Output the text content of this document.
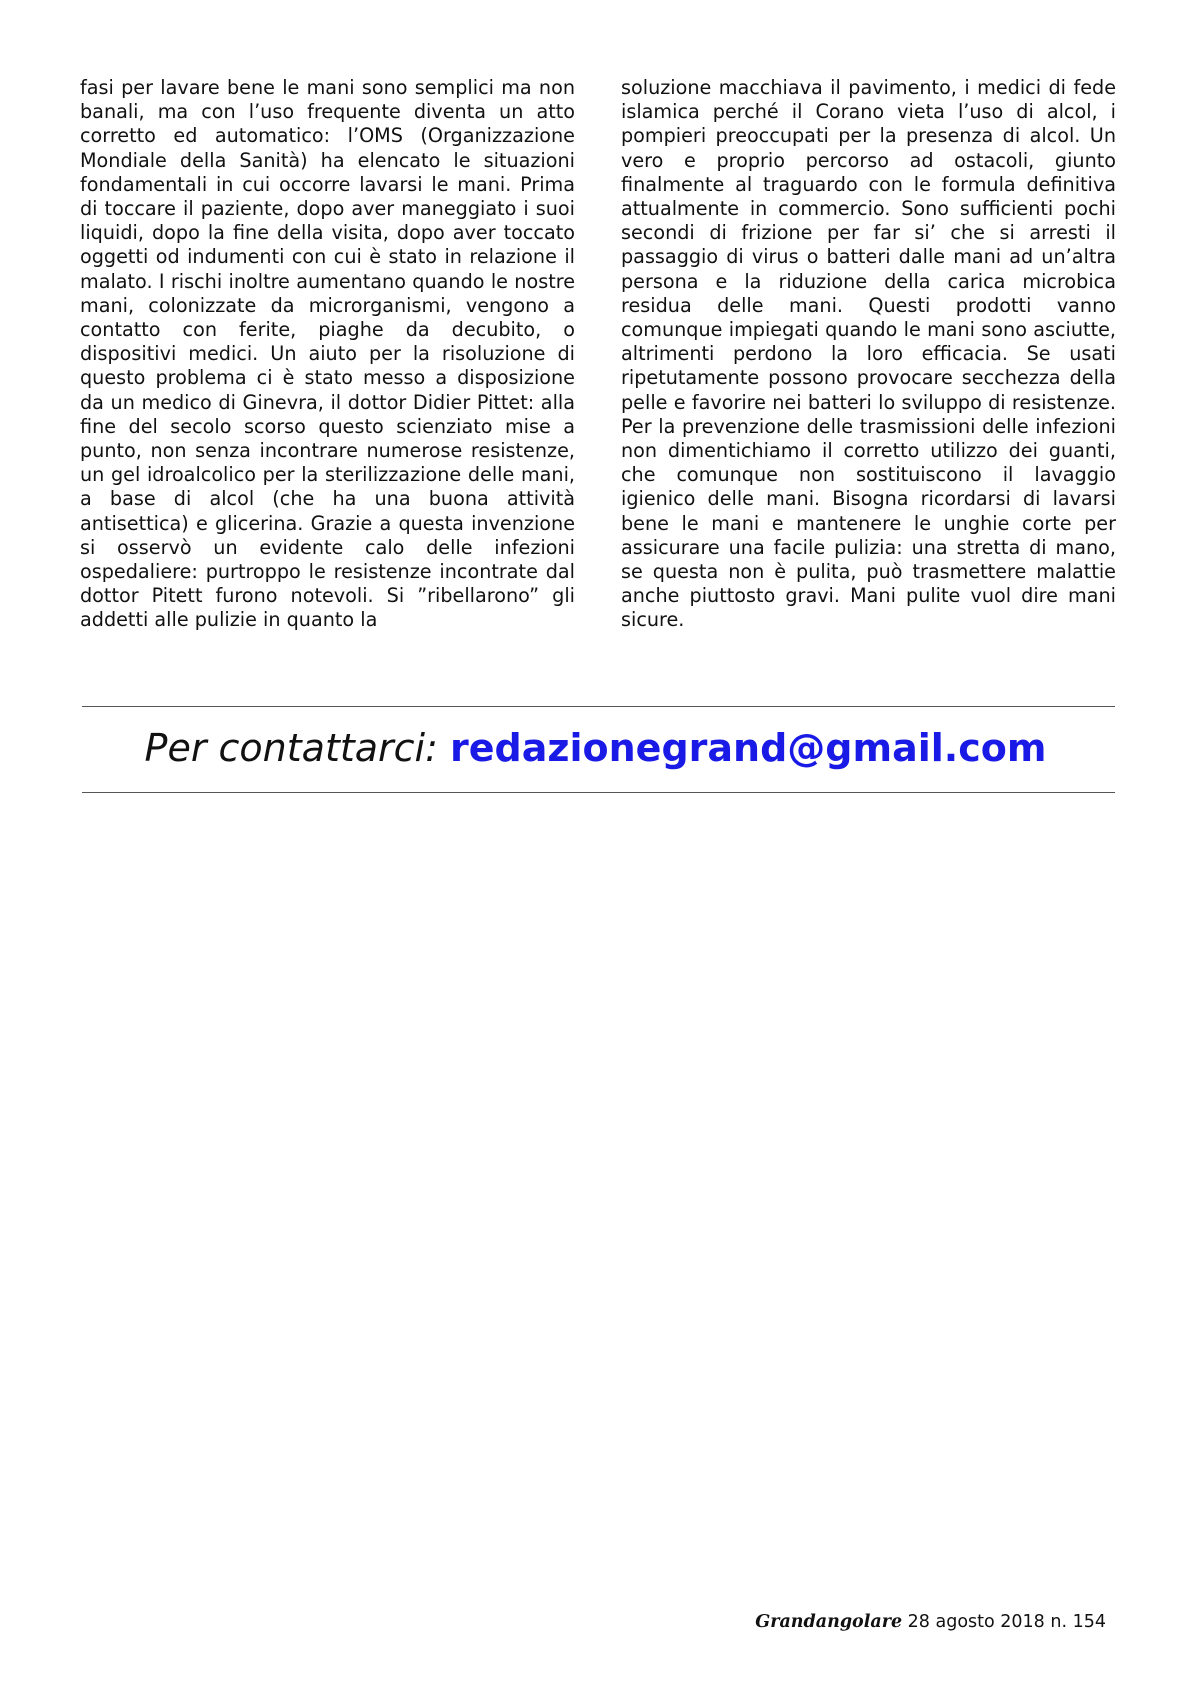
fasi per lavare bene le mani sono semplici ma non banali, ma con l’uso frequente diventa un atto corretto ed automatico: l’OMS (Organizzazione Mondiale della Sanità) ha elencato le situazioni fondamentali in cui occorre lavarsi le mani. Prima di toccare il paziente, dopo aver maneggiato i suoi liquidi, dopo la fine della visita, dopo aver toccato oggetti od indumenti con cui è stato in relazione il malato. I rischi inoltre aumentano quando le nostre mani, colonizzate da microrganismi, vengono a contatto con ferite, piaghe da decubito, o dispositivi medici. Un aiuto per la risoluzione di questo problema ci è stato messo a disposizione da un medico di Ginevra, il dottor Didier Pittet: alla fine del secolo scorso questo scienziato mise a punto, non senza incontrare numerose resistenze, un gel idroalcolico per la sterilizzazione delle mani, a base di alcol (che ha una buona attività antisettica) e glicerina. Grazie a questa invenzione si osservò un evidente calo delle infezioni ospedaliere: purtroppo le resistenze incontrate dal dottor Pitett furono notevoli. Si ”ribellarono” gli addetti alle pulizie in quanto la
soluzione macchiava il pavimento, i medici di fede islamica perché il Corano vieta l’uso di alcol, i pompieri preoccupati per la presenza di alcol. Un vero e proprio percorso ad ostacoli, giunto finalmente al traguardo con le formula definitiva attualmente in commercio. Sono sufficienti pochi secondi di frizione per far si’ che si arresti il passaggio di virus o batteri dalle mani ad un’altra persona e la riduzione della carica microbica residua delle mani. Questi prodotti vanno comunque impiegati quando le mani sono asciutte, altrimenti perdono la loro efficacia. Se usati ripetutamente possono provocare secchezza della pelle e favorire nei batteri lo sviluppo di resistenze. Per la prevenzione delle trasmissioni delle infezioni non dimentichiamo il corretto utilizzo dei guanti, che comunque non sostituiscono il lavaggio igienico delle mani. Bisogna ricordarsi di lavarsi bene le mani e mantenere le unghie corte per assicurare una facile pulizia: una stretta di mano, se questa non è pulita, può trasmettere malattie anche piuttosto gravi. Mani pulite vuol dire mani sicure.
Per contattarci: redazionegrand@gmail.com
Grandangolare 28 agosto 2018 n. 154
